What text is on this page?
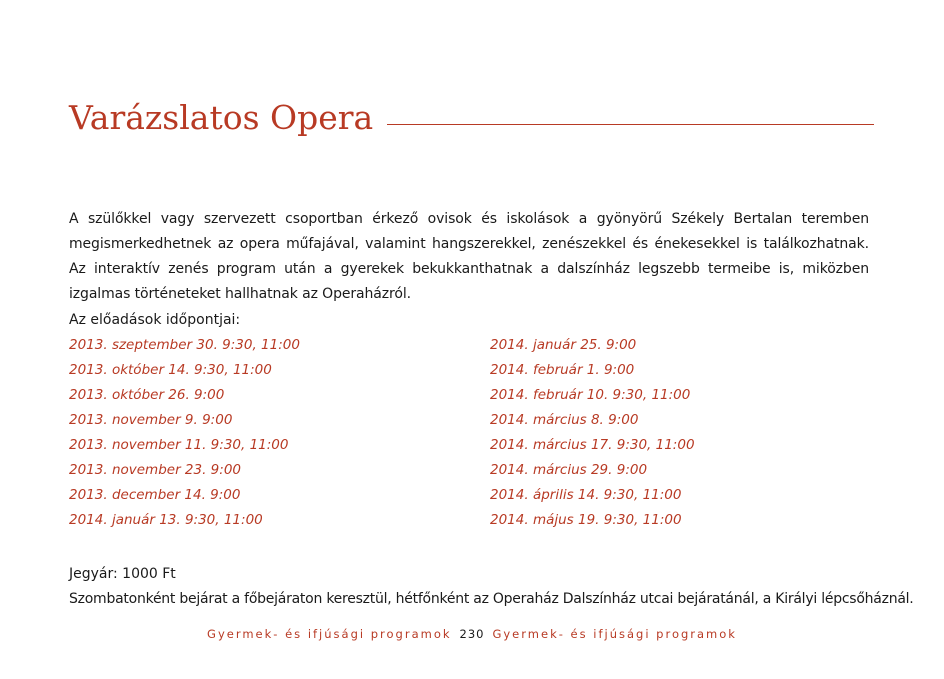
Varázslatos Opera

A szülőkkel vagy szervezett csoportban érkező ovisok és iskolások a gyönyörű Székely Bertalan teremben megismerkedhetnek az opera műfajával, valamint hangszerekkel, zenészekkel és énekesekkel is találkozhatnak. Az interaktív zenés program után a gyerekek bekukkanthatnak a dalszínház legszebb termeibe is, miközben izgalmas történeteket hallhatnak az Operaházról.

Az előadások időpontjai:
2013. szeptember 30. 9:30, 11:00
2013. október 14. 9:30, 11:00
2013. október 26. 9:00
2013. november 9. 9:00
2013. november 11. 9:30, 11:00
2013. november 23. 9:00
2013. december 14. 9:00
2014. január 13. 9:30, 11:00
2014. január 25. 9:00
2014. február 1. 9:00
2014. február 10. 9:30, 11:00
2014. március 8. 9:00
2014. március 17. 9:30, 11:00
2014. március 29. 9:00
2014. április 14. 9:30, 11:00
2014. május 19. 9:30, 11:00
Jegyár: 1000 Ft
Szombatonként bejárat a főbejáraton keresztül, hétfőnként az Operaház Dalszínház utcai bejáratánál, a Királyi lépcsőháznál.
Gyermek- és ifjúsági programok 230 Gyermek- és ifjúsági programok
